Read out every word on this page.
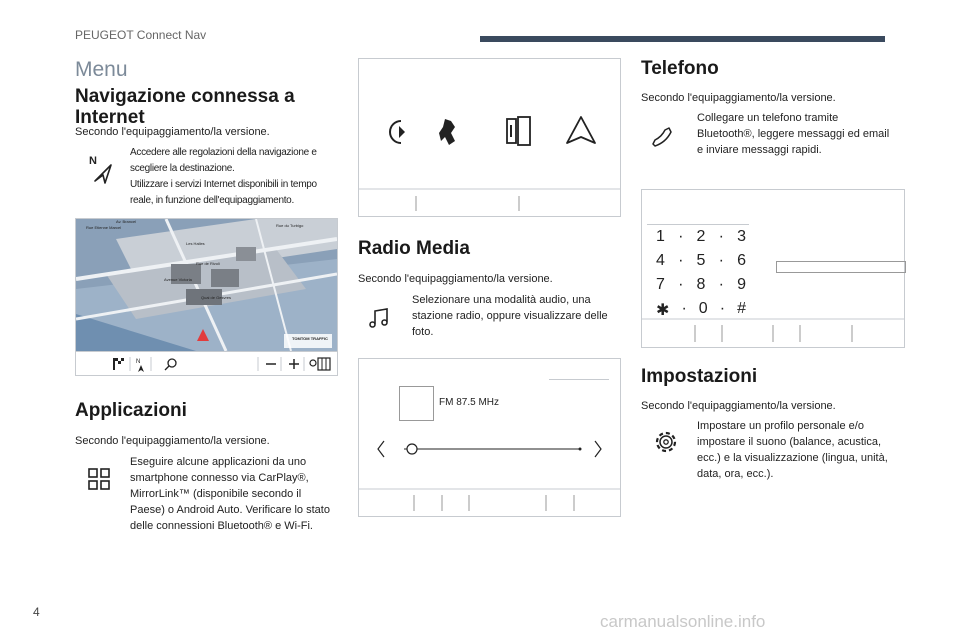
PEUGEOT Connect Nav
Menu
Navigazione connessa a Internet
Secondo l'equipaggiamento/la versione.
N
Accedere alle regolazioni della navigazione e scegliere la destinazione.
Utilizzare i servizi Internet disponibili in tempo reale, in funzione dell'equipaggiamento.
Rue Etienne Marcel	Rue du Turbigo
Av. Brancel
Les Halles
Rue de Rivoli
Avenue Victoria
Quai de Gesvres
TOMTOM TRAFFIC
N
Applicazioni
Secondo l'equipaggiamento/la versione.
Eseguire alcune applicazioni da uno smartphone connesso via CarPlay®, MirrorLink™ (disponibile secondo il Paese) o Android Auto. Verificare lo stato delle connessioni Bluetooth® e Wi-Fi.
Radio Media
Secondo l'equipaggiamento/la versione.
Selezionare una modalità audio, una stazione radio, oppure visualizzare delle foto.
FM 87.5 MHz
Telefono
Secondo l'equipaggiamento/la versione.
Collegare un telefono tramite Bluetooth®, leggere messaggi ed email e inviare messaggi rapidi.
1 · 2 · 3
4 · 5 · 6
7 · 8 · 9
✱ · 0 · #
Impostazioni
Secondo l'equipaggiamento/la versione.
Impostare un profilo personale e/o impostare il suono (balance, acustica, ecc.) e la visualizzazione (lingua, unità, data, ora, ecc.).
4	carmanualsonline.info
